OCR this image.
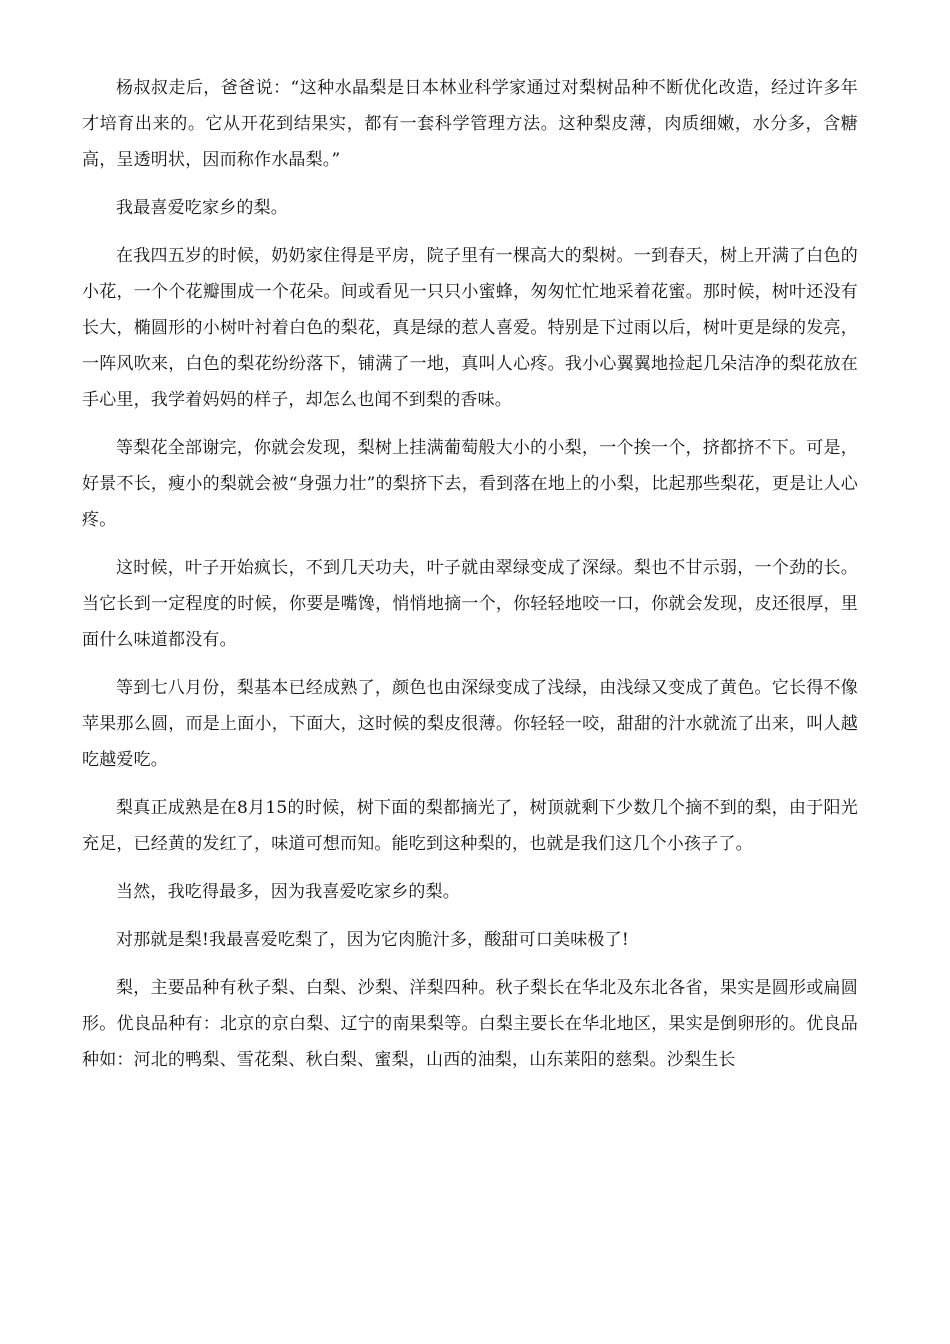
杨叔叔走后，爸爸说：“这种水晶梨是日本林业科学家通过对梨树品种不断优化改造，经过许多年才培育出来的。它从开花到结果实，都有一套科学管理方法。这种梨皮薄，肉质细嫩，水分多，含糖高，呈透明状，因而称作水晶梨。”

我最喜爱吃家乡的梨。

在我四五岁的时候，奶奶家住得是平房，院子里有一棵高大的梨树。一到春天，树上开满了白色的小花，一个个花瓣围成一个花朵。间或看见一只只小蜜蜂，匆匆忙忙地采着花蜜。那时候，树叶还没有长大，椭圆形的小树叶衬着白色的梨花，真是绿的惹人喜爱。特别是下过雨以后，树叶更是绿的发亮，一阵风吹来，白色的梨花纷纷落下，铺满了一地，真叫人心疼。我小心翼翼地捡起几朵洁净的梨花放在手心里，我学着妈妈的样子，却怎么也闻不到梨的香味。

等梨花全部谢完，你就会发现，梨树上挂满葡萄般大小的小梨，一个挨一个，挤都挤不下。可是，好景不长，瘦小的梨就会被“身强力壮”的梨挤下去，看到落在地上的小梨，比起那些梨花，更是让人心疼。

这时候，叶子开始疯长，不到几天功夫，叶子就由翠绿变成了深绿。梨也不甘示弱，一个劲的长。当它长到一定程度的时候，你要是嘴馋，悄悄地摘一个，你轻轻地咬一口，你就会发现，皮还很厚，里面什么味道都没有。

等到七八月份，梨基本已经成熟了，颜色也由深绿变成了浅绿，由浅绿又变成了黄色。它长得不像苹果那么圆，而是上面小，下面大，这时候的梨皮很薄。你轻轻一咬，甜甜的汁水就流了出来，叫人越吃越爱吃。

梨真正成熟是在8月15的时候，树下面的梨都摘光了，树顶就剩下少数几个摘不到的梨，由于阳光充足，已经黄的发红了，味道可想而知。能吃到这种梨的，也就是我们这几个小孩子了。

当然，我吃得最多，因为我喜爱吃家乡的梨。

对那就是梨!我最喜爱吃梨了，因为它肉脆汁多，酸甜可口美味极了!

梨，主要品种有秋子梨、白梨、沙梨、洋梨四种。秋子梨长在华北及东北各省，果实是圆形或扁圆形。优良品种有：北京的京白梨、辽宁的南果梨等。白梨主要长在华北地区，果实是倒卵形的。优良品种如：河北的鸭梨、雪花梨、秋白梨、蜜梨，山西的油梨，山东莱阳的慈梨。沙梨生长
